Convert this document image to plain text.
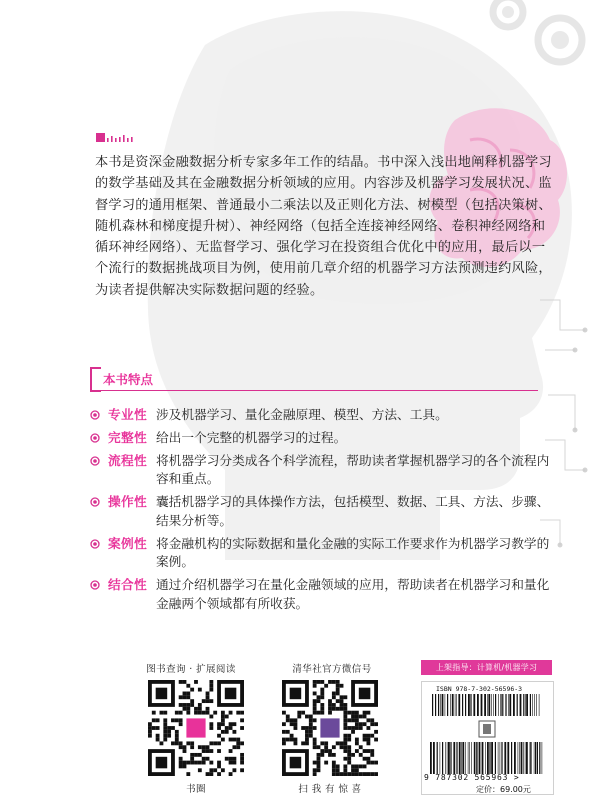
本书是资深金融数据分析专家多年工作的结晶。书中深入浅出地阐释机器学习的数学基础及其在金融数据分析领域的应用。内容涉及机器学习发展状况、监督学习的通用框架、普通最小二乘法以及正则化方法、树模型（包括决策树、随机森林和梯度提升树）、神经网络（包括全连接神经网络、卷积神经网络和循环神经网络）、无监督学习、强化学习在投资组合优化中的应用，最后以一个流行的数据挑战项目为例，使用前几章介绍的机器学习方法预测违约风险，为读者提供解决实际数据问题的经验。

本书特点
专业性 涉及机器学习、量化金融原理、模型、方法、工具。
完整性 给出一个完整的机器学习的过程。
流程性 将机器学习分类成各个科学流程，帮助读者掌握机器学习的各个流程内容和重点。
操作性 囊括机器学习的具体操作方法，包括模型、数据、工具、方法、步骤、结果分析等。
案例性 将金融机构的实际数据和量化金融的实际工作要求作为机器学习教学的案例。
结合性 通过介绍机器学习在量化金融领域的应用，帮助读者在机器学习和量化金融两个领域都有所收获。
图书查询 · 扩展阅读
书圈
清华社官方微信号
扫 我 有 惊 喜
上架指导：计算机/机器学习
ISBN 978-7-302-56596-3
9 787302 565963 >
定价：69.00元
